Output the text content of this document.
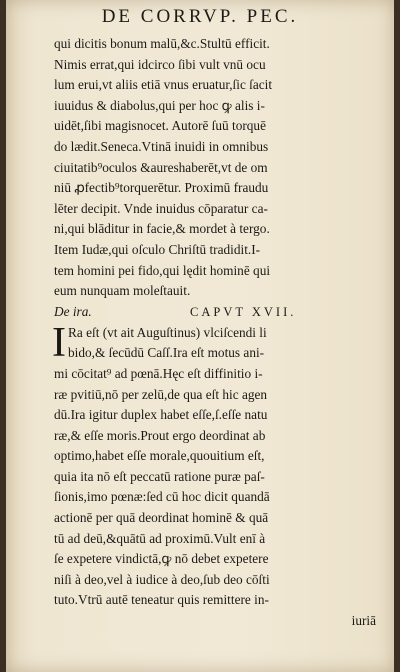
DE CORRVP. PEC.
qui dicitis bonum malū,&c.Stultū efficit.
Nimis errat,qui idcirco ſibi vult vnū ocu
lum erui,vt aliis etiā vnus eruatur,ſic ſacit
iuuidus & diabolus,qui per hoc ꝙ alis i-
uidēt,ſibi magisnocet. Autorē ſuū torquē
do lædit.Seneca.Vtinā inuidi in omnibus
ciuitatib⁹oculos &aureshaberēt,vt de om
niū ꝓfectib⁹torquerētur. Proximū fraudu
lēter decipit. Vnde inuidus cōparatur ca-
ni,qui blāditur in facie,& mordet à tergo.
Item Iudæ,qui oſculo Chriſtū tradidit.I-
tem homini pei fido,qui lędit hominē qui
eum nunquam moleſtauit.
De ira.	CAPVT XVII.
I Ra eſt (vt ait Auguſtinus) vlciſcendi li
bido,& ſecūdū Caſſ.Ira eſt motus ani-
mi cōcitat⁹ ad pœnā.Hęc eſt diffinitio i-
ræ pvitiū,nō per zelū,de qua eſt hic agen
dū.Ira igitur duplex habet eſſe,ſ.eſſe natu
ræ,& eſſe moris.Prout ergo deordinat ab
optimo,habet eſſe morale,quouitium eſt,
quia ita nō eſt peccatū ratione puræ paſ-
ſionis,imo pœnæ:ſed cū hoc dicit quandā
actionē per quā deordinat hominē & quā
tū ad deū,&quātū ad proximū.Vult enī à
ſe expetere vindictā,ꝙ nō debet expetere
niſi à deo,vel à iudice à deo,ſub deo cōſti
tuto.Vtrū autē teneatur quis remittere in-
iuriā
